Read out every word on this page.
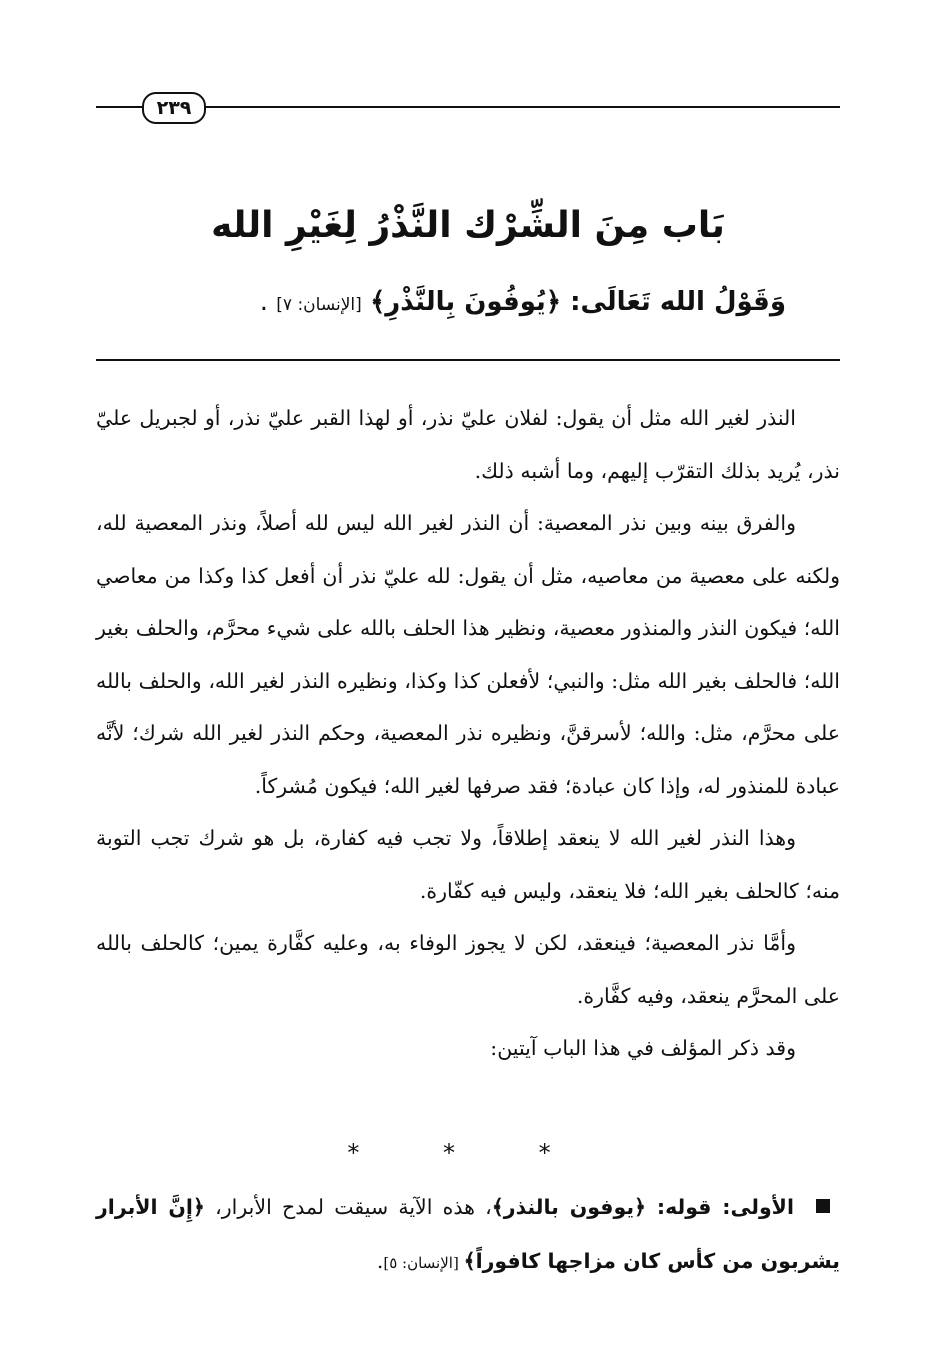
٢٣٩
بَاب مِنَ الشِّرْك النَّذْرُ لِغَيْرِ الله
وَقَوْلُ الله تَعَالَى: ﴿يُوفُونَ بِالنَّذْرِ﴾ [الإنسان: ٧] .

النذر لغير الله مثل أن يقول: لفلان عليّ نذر، أو لهذا القبر عليّ نذر، أو لجبريل عليّ نذر، يُريد بذلك التقرّب إليهم، وما أشبه ذلك.

والفرق بينه وبين نذر المعصية: أن النذر لغير الله ليس لله أصلاً، ونذر المعصية لله، ولكنه على معصية من معاصيه، مثل أن يقول: لله عليّ نذر أن أفعل كذا وكذا من معاصي الله؛ فيكون النذر والمنذور معصية، ونظير هذا الحلف بالله على شيء محرَّم، والحلف بغير الله؛ فالحلف بغير الله مثل: والنبي؛ لأفعلن كذا وكذا، ونظيره النذر لغير الله، والحلف بالله على محرَّم، مثل: والله؛ لأسرقنَّ، ونظيره نذر المعصية، وحكم النذر لغير الله شرك؛ لأنَّه عبادة للمنذور له، وإذا كان عبادة؛ فقد صرفها لغير الله؛ فيكون مُشركاً.

وهذا النذر لغير الله لا ينعقد إطلاقاً، ولا تجب فيه كفارة، بل هو شرك تجب التوبة منه؛ كالحلف بغير الله؛ فلا ينعقد، وليس فيه كفّارة.

وأمَّا نذر المعصية؛ فينعقد، لكن لا يجوز الوفاء به، وعليه كفَّارة يمين؛ كالحلف بالله على المحرَّم ينعقد، وفيه كفَّارة.

وقد ذكر المؤلف في هذا الباب آيتين:

* * *

الأولى: قوله: ﴿يوفون بالنذر﴾، هذه الآية سيقت لمدح الأبرار، ﴿إِنَّ الأبرار يشربون من كأس كان مزاجها كافوراً﴾ [الإنسان: ٥].
